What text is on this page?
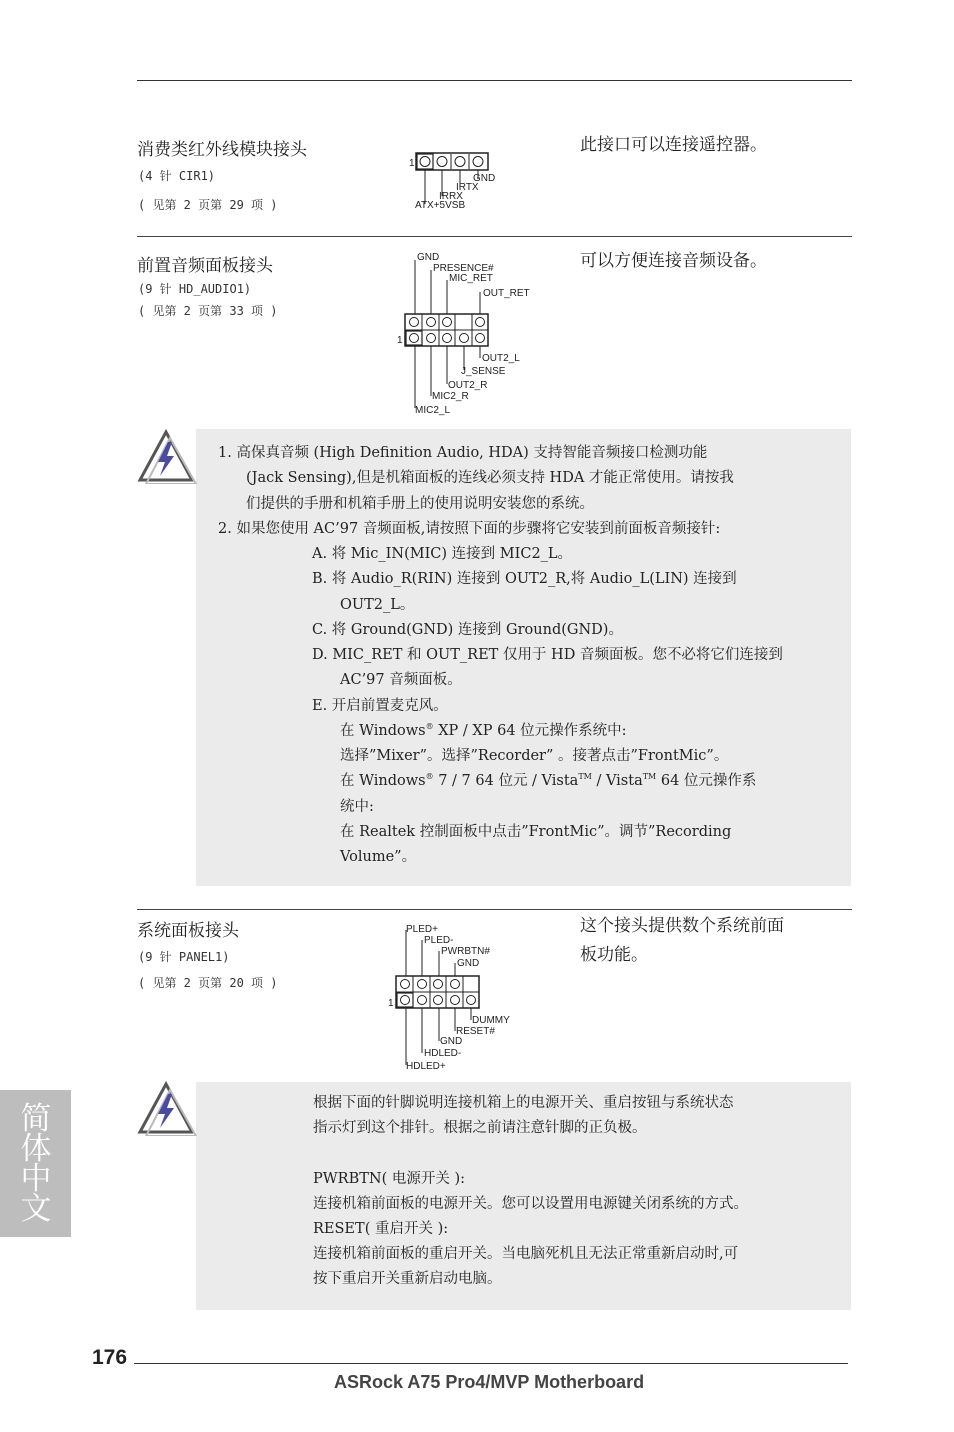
消费类红外线模块接头
(4 针 CIR1)
( 见第 2 页第 29 项 )
此接口可以连接遥控器。
1
GND
IRTX
IRRX
ATX+5VSB
前置音频面板接头
(9 针 HD_AUDIO1)
( 见第 2 页第 33 项 )
可以方便连接音频设备。
GND
PRESENCE#
MIC_RET
OUT_RET
1
OUT2_L
J_SENSE
OUT2_R
MIC2_R
MIC2_L
1. 高保真音频 (High Definition Audio, HDA) 支持智能音频接口检测功能
(Jack Sensing),但是机箱面板的连线必须支持 HDA 才能正常使用。请按我
们提供的手册和机箱手册上的使用说明安装您的系统。
2. 如果您使用 AC’97 音频面板,请按照下面的步骤将它安装到前面板音频接针:
A. 将 Mic_IN(MIC) 连接到 MIC2_L。
B. 将 Audio_R(RIN) 连接到 OUT2_R,将 Audio_L(LIN) 连接到
OUT2_L。
C. 将 Ground(GND) 连接到 Ground(GND)。
D. MIC_RET 和 OUT_RET 仅用于 HD 音频面板。您不必将它们连接到
AC’97 音频面板。
E. 开启前置麦克风。
在 Windows® XP / XP 64 位元操作系统中:
选择”Mixer”。选择”Recorder” 。接著点击”FrontMic”。
在 Windows® 7 / 7 64 位元 / Vista™ / Vista™ 64 位元操作系
统中:
在 Realtek 控制面板中点击”FrontMic”。调节”Recording
Volume”。
系统面板接头
(9 针 PANEL1)
( 见第 2 页第 20 项 )
这个接头提供数个系统前面
板功能。
PLED+
PLED-
PWRBTN#
GND
1
DUMMY
RESET#
GND
HDLED-
HDLED+
根据下面的针脚说明连接机箱上的电源开关、重启按钮与系统状态
指示灯到这个排针。根据之前请注意针脚的正负极。
PWRBTN( 电源开关 ):
连接机箱前面板的电源开关。您可以设置用电源键关闭系统的方式。
RESET( 重启开关 ):
连接机箱前面板的重启开关。当电脑死机且无法正常重新启动时,可
按下重启开关重新启动电脑。
简体中文
176
ASRock A75 Pro4/MVP Motherboard
